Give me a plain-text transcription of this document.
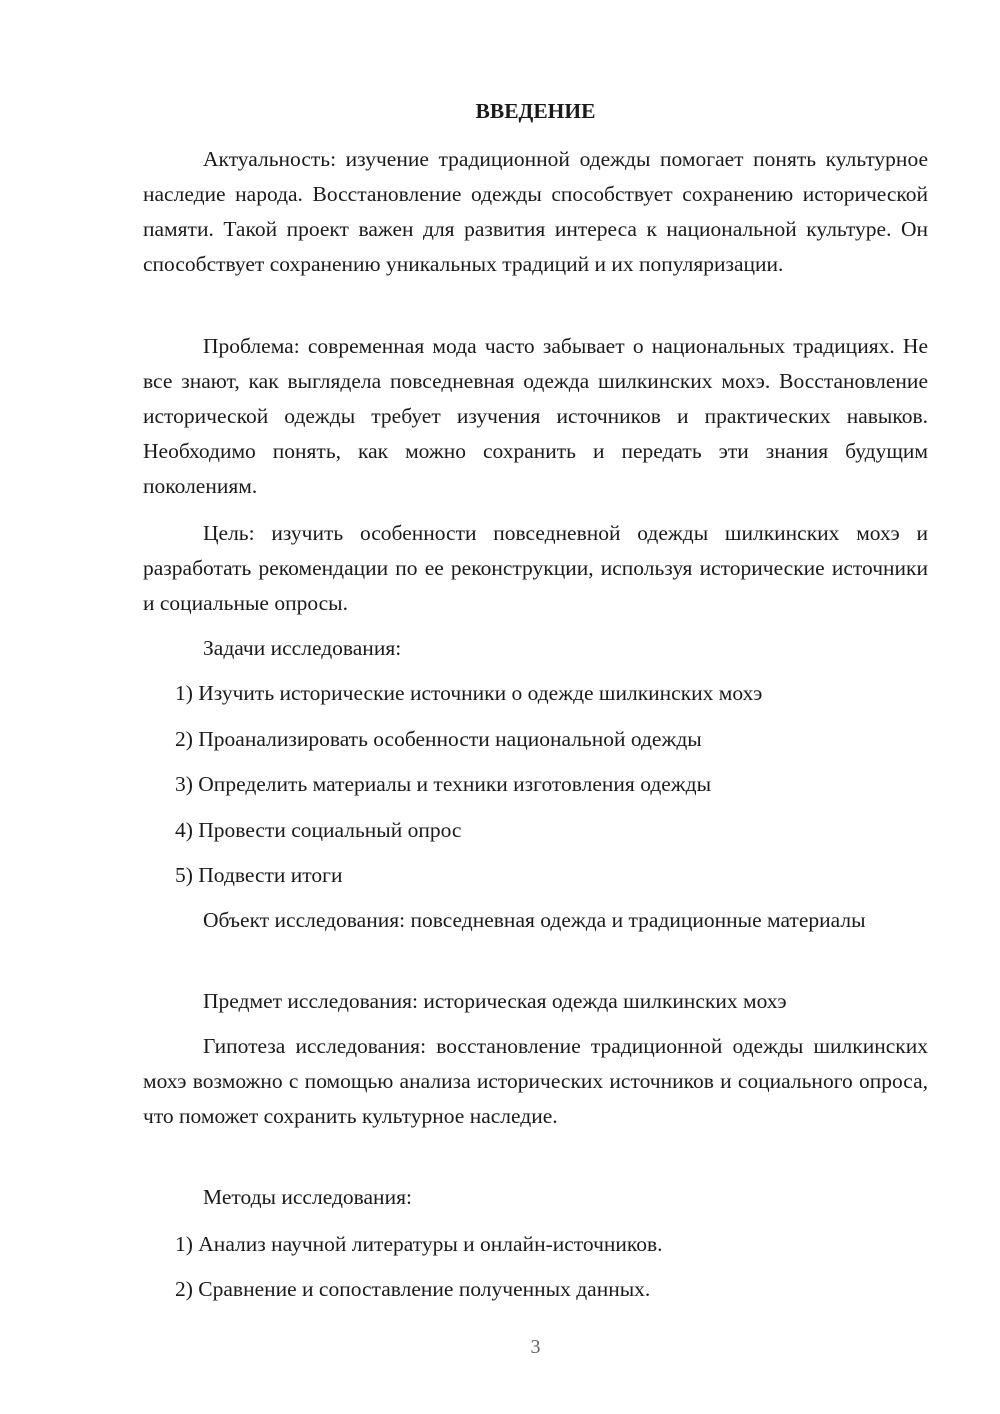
ВВЕДЕНИЕ

Актуальность: изучение традиционной одежды помогает понять культурное наследие народа. Восстановление одежды способствует сохранению исторической памяти. Такой проект важен для развития интереса к национальной культуре. Он способствует сохранению уникальных традиций и их популяризации.

Проблема: современная мода часто забывает о национальных традициях. Не все знают, как выглядела повседневная одежда шилкинских мохэ. Восстановление исторической одежды требует изучения источников и практических навыков. Необходимо понять, как можно сохранить и передать эти знания будущим поколениям.

Цель: изучить особенности повседневной одежды шилкинских мохэ и разработать рекомендации по ее реконструкции, используя исторические источники и социальные опросы.

Задачи исследования:

1) Изучить исторические источники о одежде шилкинских мохэ

2) Проанализировать особенности национальной одежды

3) Определить материалы и техники изготовления одежды

4) Провести социальный опрос

5) Подвести итоги

Объект исследования: повседневная одежда и традиционные материалы

Предмет исследования: историческая одежда шилкинских мохэ

Гипотеза исследования: восстановление традиционной одежды шилкинских мохэ возможно с помощью анализа исторических источников и социального опроса, что поможет сохранить культурное наследие.

Методы исследования:

1) Анализ научной литературы и онлайн-источников.

2) Сравнение и сопоставление полученных данных.

3
